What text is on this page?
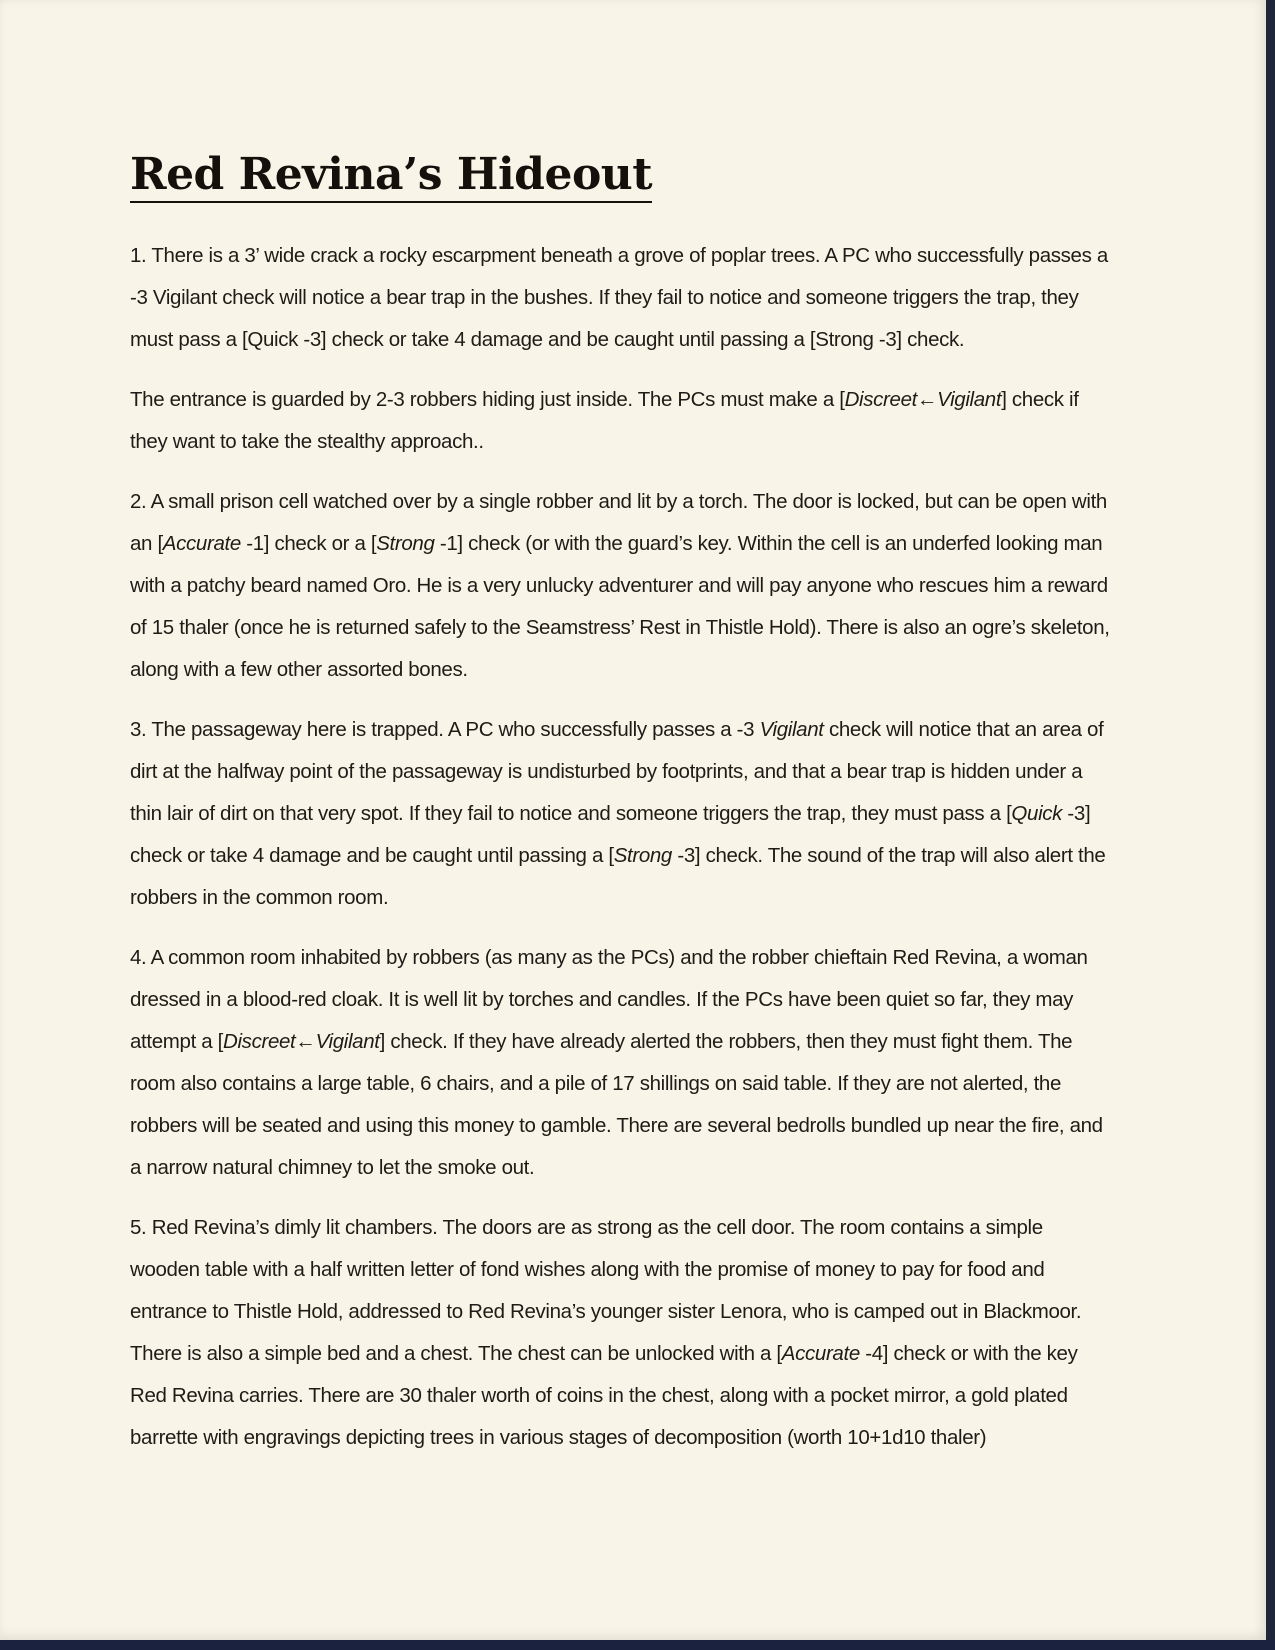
Red Revina’s Hideout

1. There is a 3’ wide crack a rocky escarpment beneath a grove of poplar trees. A PC who successfully passes a -3 Vigilant check will notice a bear trap in the bushes. If they fail to notice and someone triggers the trap, they must pass a [Quick -3] check or take 4 damage and be caught until passing a [Strong -3] check.

The entrance is guarded by 2-3 robbers hiding just inside. The PCs must make a [Discreet←Vigilant] check if they want to take the stealthy approach..

2. A small prison cell watched over by a single robber and lit by a torch. The door is locked, but can be open with an [Accurate -1] check or a [Strong -1] check (or with the guard’s key. Within the cell is an underfed looking man with a patchy beard named Oro. He is a very unlucky adventurer and will pay anyone who rescues him a reward of 15 thaler (once he is returned safely to the Seamstress’ Rest in Thistle Hold). There is also an ogre’s skeleton, along with a few other assorted bones.

3. The passageway here is trapped. A PC who successfully passes a -3 Vigilant check will notice that an area of dirt at the halfway point of the passageway is undisturbed by footprints, and that a bear trap is hidden under a thin lair of dirt on that very spot. If they fail to notice and someone triggers the trap, they must pass a [Quick -3] check or take 4 damage and be caught until passing a [Strong -3] check. The sound of the trap will also alert the robbers in the common room.

4. A common room inhabited by robbers (as many as the PCs) and the robber chieftain Red Revina, a woman dressed in a blood-red cloak. It is well lit by torches and candles. If the PCs have been quiet so far, they may attempt a [Discreet←Vigilant] check. If they have already alerted the robbers, then they must fight them. The room also contains a large table, 6 chairs, and a pile of 17 shillings on said table. If they are not alerted, the robbers will be seated and using this money to gamble. There are several bedrolls bundled up near the fire, and a narrow natural chimney to let the smoke out.

5. Red Revina’s dimly lit chambers. The doors are as strong as the cell door. The room contains a simple wooden table with a half written letter of fond wishes along with the promise of money to pay for food and entrance to Thistle Hold, addressed to Red Revina’s younger sister Lenora, who is camped out in Blackmoor. There is also a simple bed and a chest. The chest can be unlocked with a [Accurate -4] check or with the key Red Revina carries. There are 30 thaler worth of coins in the chest, along with a pocket mirror, a gold plated barrette with engravings depicting trees in various stages of decomposition (worth 10+1d10 thaler)
